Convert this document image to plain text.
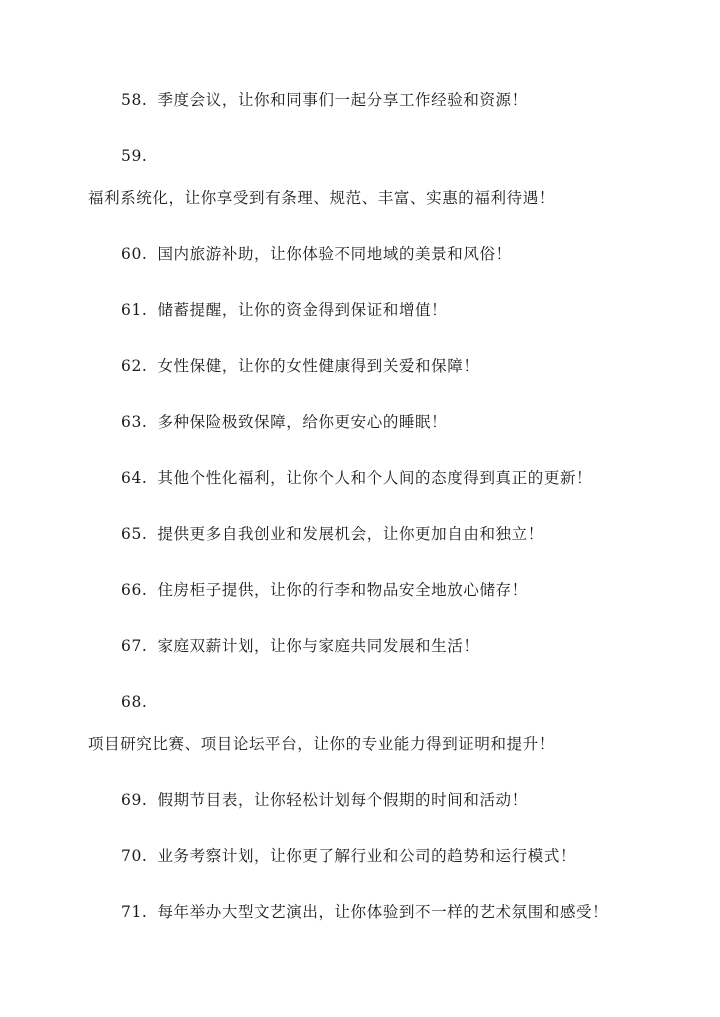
58. 季度会议，让你和同事们一起分享工作经验和资源！
59.
福利系统化，让你享受到有条理、规范、丰富、实惠的福利待遇！
60. 国内旅游补助，让你体验不同地域的美景和风俗！
61. 储蓄提醒，让你的资金得到保证和增值！
62. 女性保健，让你的女性健康得到关爱和保障！
63. 多种保险极致保障，给你更安心的睡眠！
64. 其他个性化福利，让你个人和个人间的态度得到真正的更新！
65. 提供更多自我创业和发展机会，让你更加自由和独立！
66. 住房柜子提供，让你的行李和物品安全地放心储存！
67. 家庭双薪计划，让你与家庭共同发展和生活！
68.
项目研究比赛、项目论坛平台，让你的专业能力得到证明和提升！
69. 假期节目表，让你轻松计划每个假期的时间和活动！
70. 业务考察计划，让你更了解行业和公司的趋势和运行模式！
71. 每年举办大型文艺演出，让你体验到不一样的艺术氛围和感受！
